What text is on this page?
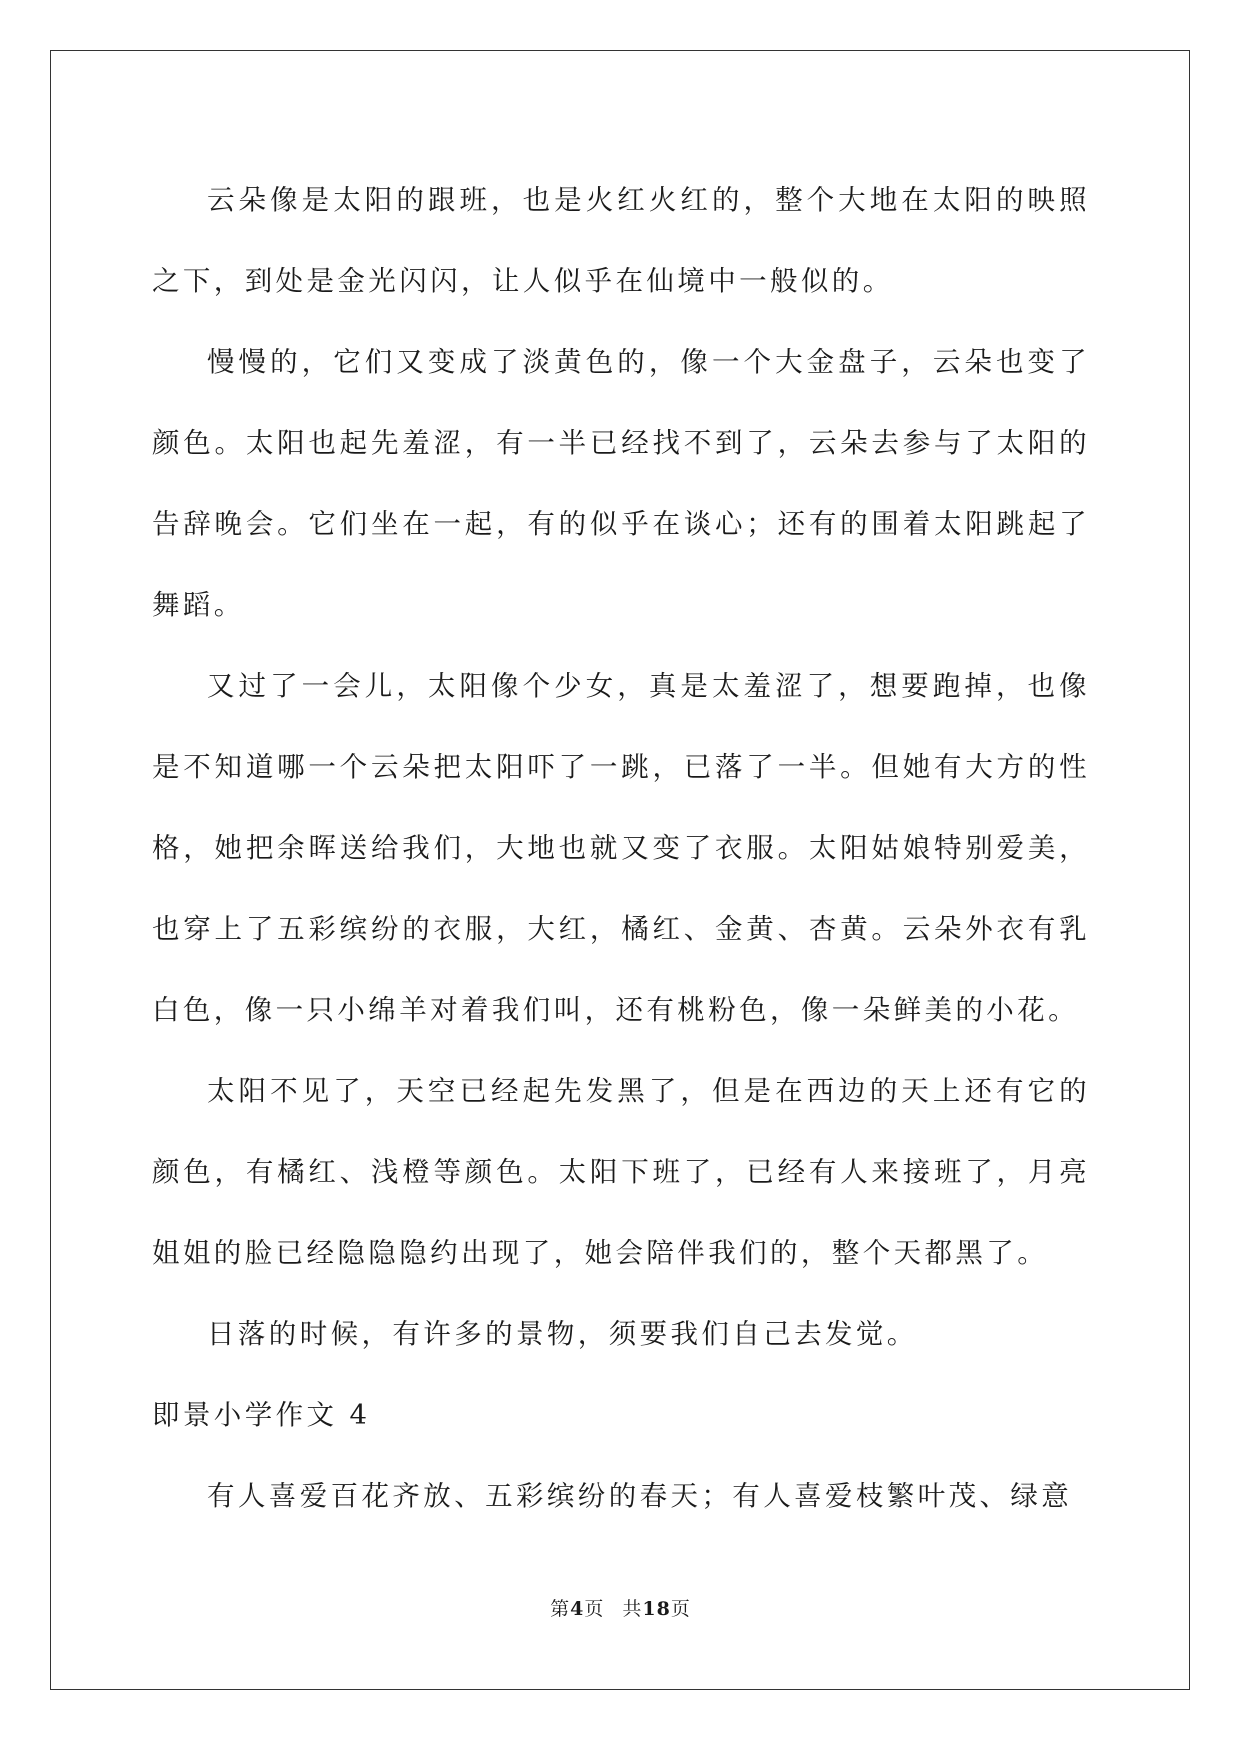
云朵像是太阳的跟班，也是火红火红的，整个大地在太阳的映照之下，到处是金光闪闪，让人似乎在仙境中一般似的。

慢慢的，它们又变成了淡黄色的，像一个大金盘子，云朵也变了颜色。太阳也起先羞涩，有一半已经找不到了，云朵去参与了太阳的告辞晚会。它们坐在一起，有的似乎在谈心；还有的围着太阳跳起了舞蹈。

又过了一会儿，太阳像个少女，真是太羞涩了，想要跑掉，也像是不知道哪一个云朵把太阳吓了一跳，已落了一半。但她有大方的性格，她把余晖送给我们，大地也就又变了衣服。太阳姑娘特别爱美，也穿上了五彩缤纷的衣服，大红，橘红、金黄、杏黄。云朵外衣有乳白色，像一只小绵羊对着我们叫，还有桃粉色，像一朵鲜美的小花。

太阳不见了，天空已经起先发黑了，但是在西边的天上还有它的颜色，有橘红、浅橙等颜色。太阳下班了，已经有人来接班了，月亮姐姐的脸已经隐隐隐约出现了，她会陪伴我们的，整个天都黑了。

日落的时候，有许多的景物，须要我们自己去发觉。

即景小学作文 4

有人喜爱百花齐放、五彩缤纷的春天；有人喜爱枝繁叶茂、绿意

第4页 共18页
